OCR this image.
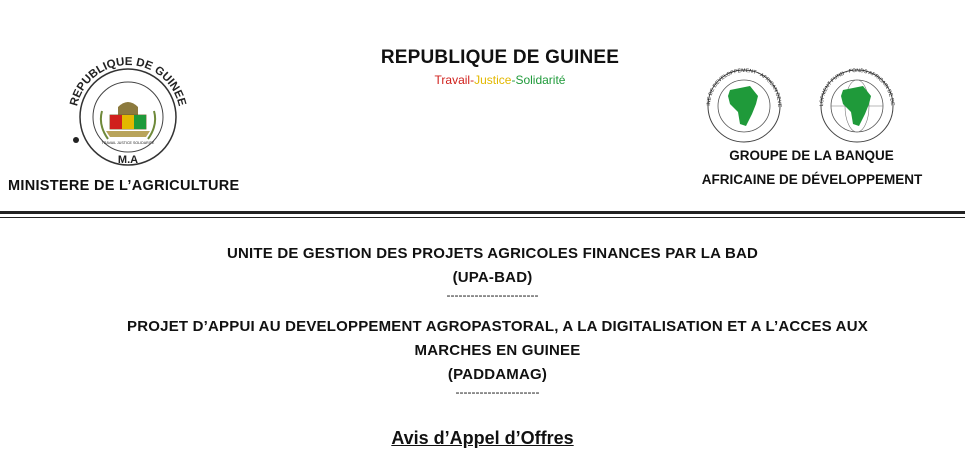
REPUBLIQUE DE GUINEE
TRAVAIL JUSTICE SOLIDARITE
M.A
REPUBLIQUE DE GUINEE
Travail-Justice-Solidarité
INE DE DEVELOPPEMENT · AFRICAN DEVE	LOPMENT FUND · FONDS AFRICAIN DE DE
MINISTERE DE L’AGRICULTURE
GROUPE DE LA BANQUE
AFRICAINE DE DÉVELOPPEMENT
UNITE DE GESTION DES PROJETS AGRICOLES FINANCES PAR LA BAD
(UPA-BAD)
-----------------------
PROJET D’APPUI AU DEVELOPPEMENT AGROPASTORAL, A LA DIGITALISATION ET A L’ACCES AUX
MARCHES EN GUINEE
(PADDAMAG)
---------------------
Avis d’Appel d’Offres
